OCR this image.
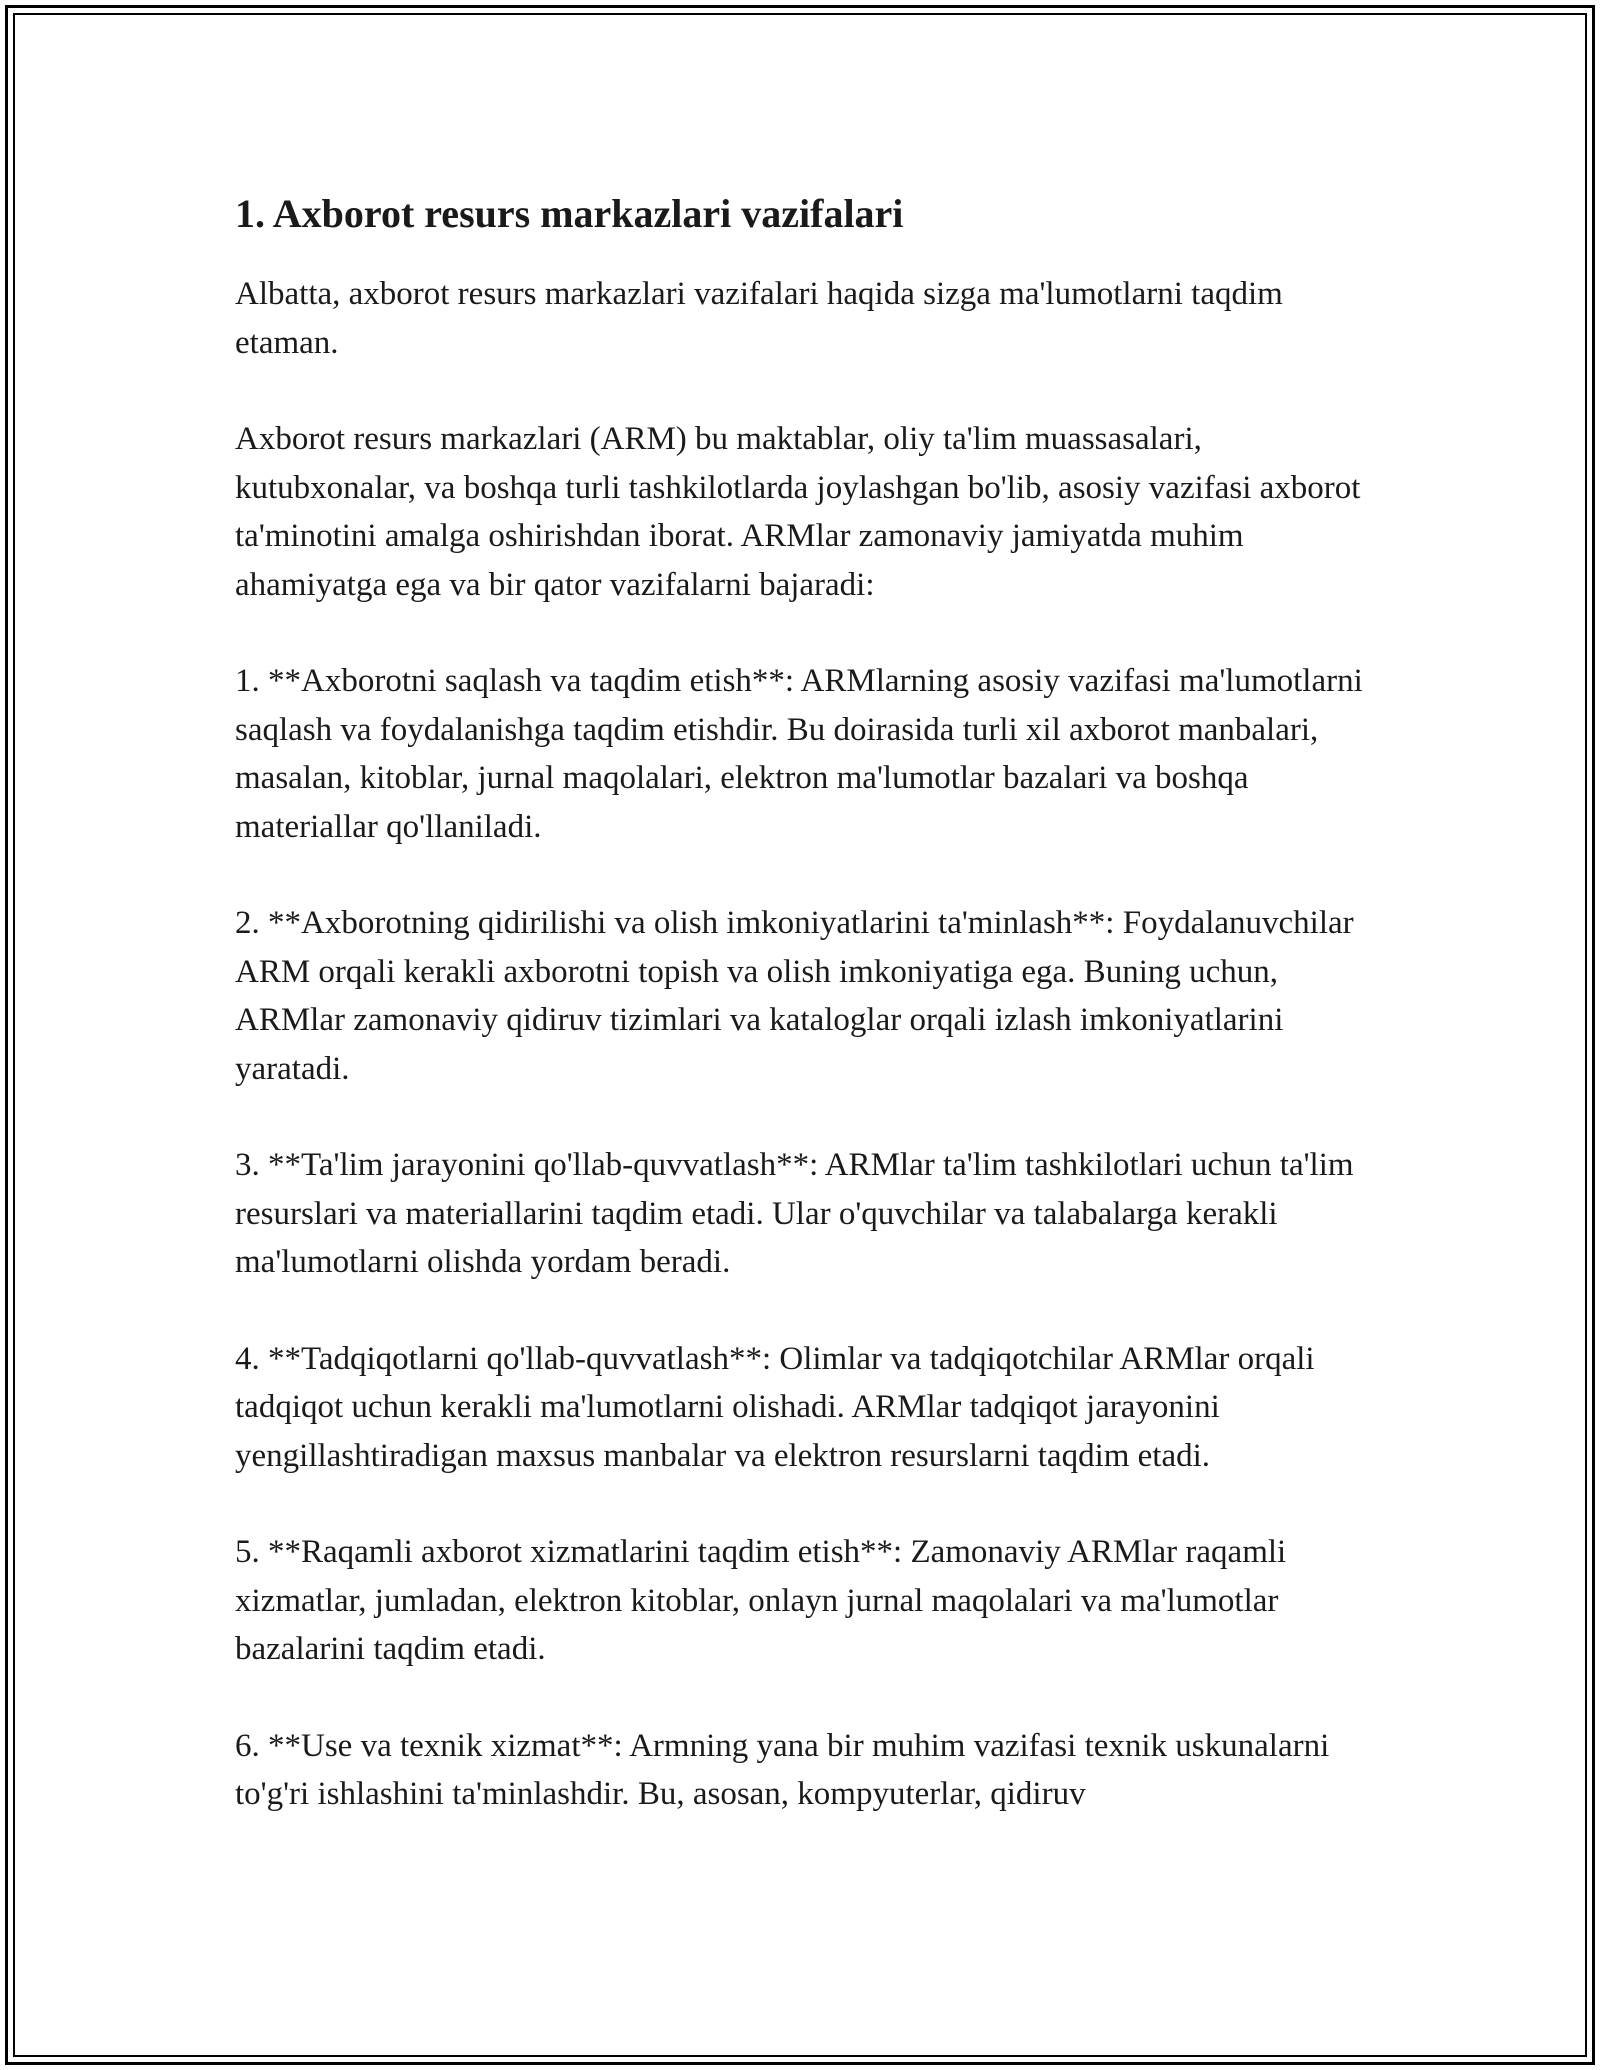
1. Axborot resurs markazlari vazifalari

Albatta, axborot resurs markazlari vazifalari haqida sizga ma'lumotlarni taqdim etaman.

Axborot resurs markazlari (ARM) bu maktablar, oliy ta'lim muassasalari, kutubxonalar, va boshqa turli tashkilotlarda joylashgan bo'lib, asosiy vazifasi axborot ta'minotini amalga oshirishdan iborat. ARMlar zamonaviy jamiyatda muhim ahamiyatga ega va bir qator vazifalarni bajaradi:

1. **Axborotni saqlash va taqdim etish**: ARMlarning asosiy vazifasi ma'lumotlarni saqlash va foydalanishga taqdim etishdir. Bu doirasida turli xil axborot manbalari, masalan, kitoblar, jurnal maqolalari, elektron ma'lumotlar bazalari va boshqa materiallar qo'llaniladi.

2. **Axborotning qidirilishi va olish imkoniyatlarini ta'minlash**: Foydalanuvchilar ARM orqali kerakli axborotni topish va olish imkoniyatiga ega. Buning uchun, ARMlar zamonaviy qidiruv tizimlari va kataloglar orqali izlash imkoniyatlarini yaratadi.

3. **Ta'lim jarayonini qo'llab-quvvatlash**: ARMlar ta'lim tashkilotlari uchun ta'lim resurslari va materiallarini taqdim etadi. Ular o'quvchilar va talabalarga kerakli ma'lumotlarni olishda yordam beradi.

4. **Tadqiqotlarni qo'llab-quvvatlash**: Olimlar va tadqiqotchilar ARMlar orqali tadqiqot uchun kerakli ma'lumotlarni olishadi. ARMlar tadqiqot jarayonini yengillashtiradigan maxsus manbalar va elektron resurslarni taqdim etadi.

5. **Raqamli axborot xizmatlarini taqdim etish**: Zamonaviy ARMlar raqamli xizmatlar, jumladan, elektron kitoblar, onlayn jurnal maqolalari va ma'lumotlar bazalarini taqdim etadi.

6. **Use va texnik xizmat**: Armning yana bir muhim vazifasi texnik uskunalarni to'g'ri ishlashini ta'minlashdir. Bu, asosan, kompyuterlar, qidiruv
